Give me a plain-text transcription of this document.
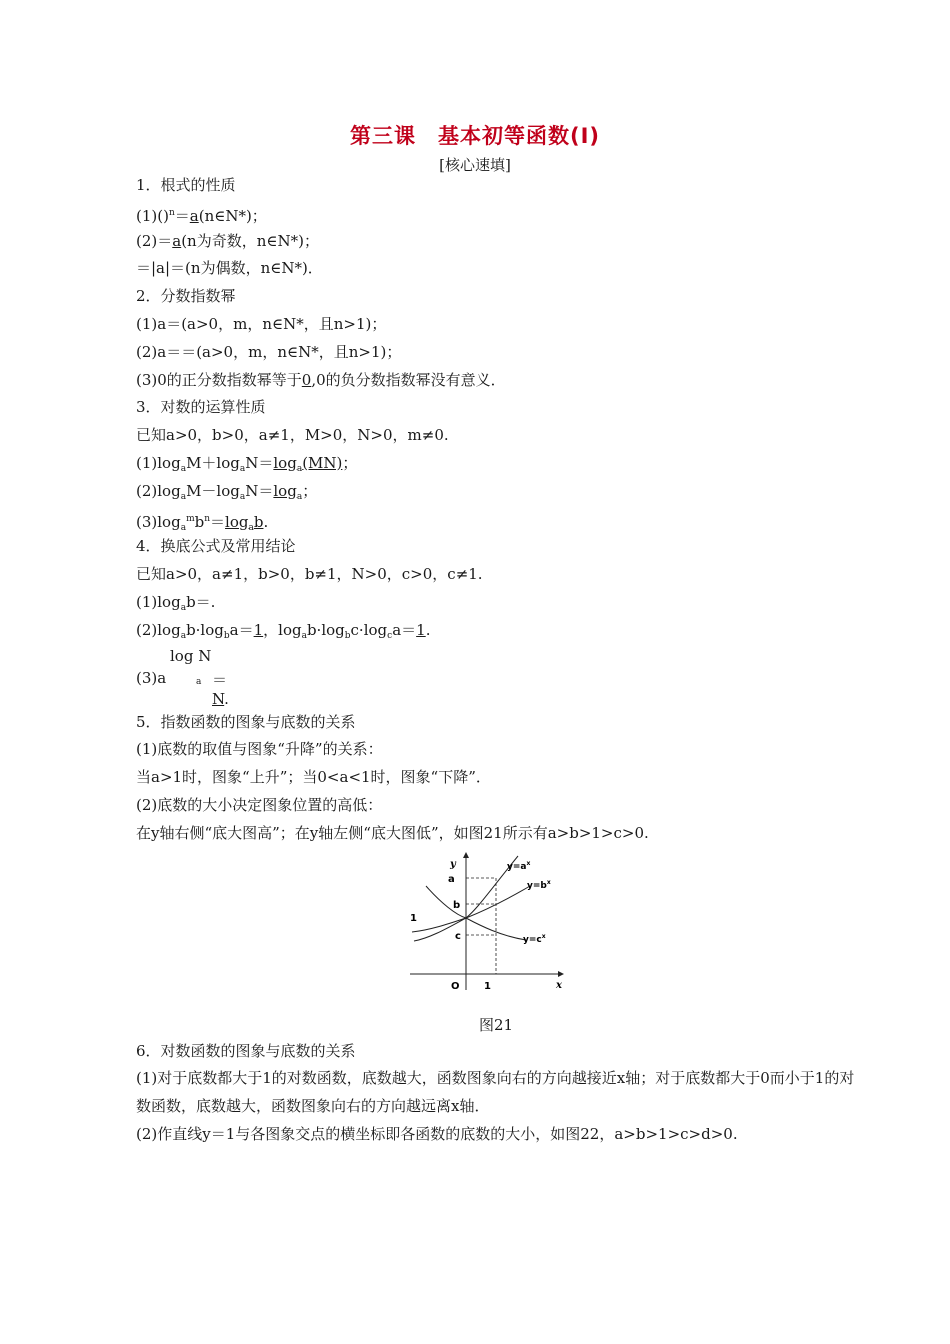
第三课　基本初等函数(Ⅰ)
[核心速填]
1．根式的性质
(1)()$^n$＝a(n∈N*)；
(2)＝a(n为奇数，n∈N*)；
＝|a|＝(n为偶数，n∈N*)．
2．分数指数幂
(1)a＝(a>0，m，n∈N*，且n>1)；
(2)a＝＝(a>0，m，n∈N*，且n>1)；
(3)0的正分数指数幂等于0,0的负分数指数幂没有意义．
3．对数的运算性质
已知a>0，b>0，a≠1，M>0，N>0，m≠0.
$(1)\log_aM+\log_aN=\log_a(MN)$；
$(2)\log_aM-\log_aN=\log_a$；
$(3)\log_a^mb^n=\log_ab$.
4．换底公式及常用结论
已知a>0，a≠1，b>0，b≠1，N>0，c>0，c≠1.
$(1)\log_ab=$.
$(2)\log_ab\cdot\log_ba=1$，$\log_ab\cdot\log_bc\cdot\log_ca=1$.
log N
(3)a	a ＝N.
5．指数函数的图象与底数的关系
(1)底数的取值与图象“升降”的关系：
当a>1时，图象“上升”；当0<a<1时，图象“下降”．
(2)底数的大小决定图象位置的高低：
在y轴右侧“底大图高”；在y轴左侧“底大图低”，如图21所示有a>b>1>c>0.
y
x
O 1
1
a
b
c
$y=a^x$
$y=b^x$
$y=c^x$
图21
6．对数函数的图象与底数的关系
(1)对于底数都大于1的对数函数，底数越大，函数图象向右的方向越接近x轴；对于底数都大于0而小于1的对数函数，底数越大，函数图象向右的方向越远离x轴．
(2)作直线y＝1与各图象交点的横坐标即各函数的底数的大小，如图22，a>b>1>c>d>0.
